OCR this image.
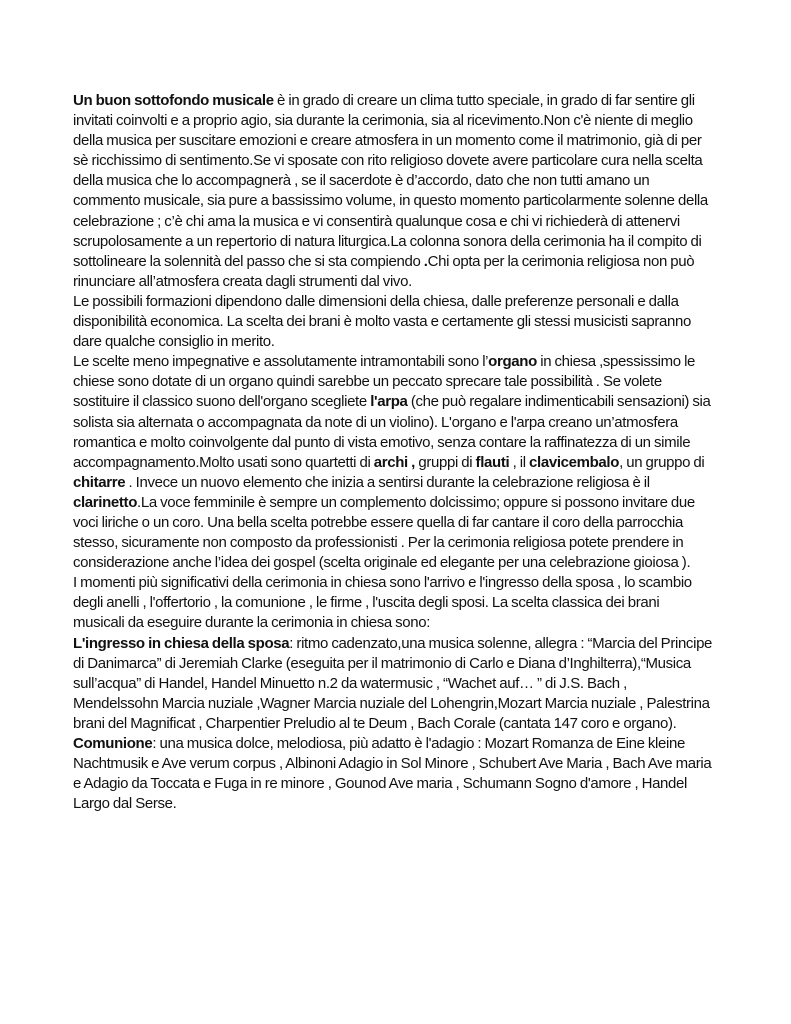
Un buon sottofondo musicale è in grado di creare un clima tutto speciale, in grado di far sentire gli invitati coinvolti e a proprio agio, sia durante la cerimonia, sia al ricevimento.Non c'è niente di meglio della musica per suscitare emozioni e creare atmosfera in un momento come il matrimonio, già di per sè ricchissimo di sentimento.Se vi sposate con rito religioso dovete avere particolare cura nella scelta della musica che lo accompagnerà , se il sacerdote è d’accordo, dato che non tutti amano un commento musicale, sia pure a bassissimo volume, in questo momento particolarmente solenne della celebrazione ; c’è chi ama la musica e vi consentirà qualunque cosa e chi vi richiederà di attenervi scrupolosamente a un repertorio di natura liturgica.La colonna sonora della cerimonia ha il compito di sottolineare la solennità del passo che si sta compiendo .Chi opta per la cerimonia religiosa non può rinunciare all’atmosfera creata dagli strumenti dal vivo.

Le possibili formazioni dipendono dalle dimensioni della chiesa, dalle preferenze personali e dalla disponibilità economica. La scelta dei brani è molto vasta e certamente gli stessi musicisti sapranno dare qualche consiglio in merito.

Le scelte meno impegnative e assolutamente intramontabili sono l’organo in chiesa ,spessissimo le chiese sono dotate di un organo quindi sarebbe un peccato sprecare tale possibilità . Se volete sostituire il classico suono dell'organo scegliete l'arpa (che può regalare indimenticabili sensazioni) sia solista sia alternata o accompagnata da note di un violino). L'organo e l'arpa creano un’atmosfera romantica e molto coinvolgente dal punto di vista emotivo, senza contare la raffinatezza di un simile accompagnamento.Molto usati sono quartetti di archi , gruppi di flauti , il clavicembalo, un gruppo di chitarre . Invece un nuovo elemento che inizia a sentirsi durante la celebrazione religiosa è il clarinetto.La voce femminile è sempre un complemento dolcissimo; oppure si possono invitare due voci liriche o un coro. Una bella scelta potrebbe essere quella di far cantare il coro della parrocchia stesso, sicuramente non composto da professionisti . Per la cerimonia religiosa potete prendere in considerazione anche l’idea dei gospel (scelta originale ed elegante per una celebrazione gioiosa ).

I momenti più significativi della cerimonia in chiesa sono l'arrivo e l'ingresso della sposa , lo scambio degli anelli , l'offertorio , la comunione , le firme , l'uscita degli sposi. La scelta classica dei brani musicali da eseguire durante la cerimonia in chiesa sono:

L'ingresso in chiesa della sposa: ritmo cadenzato,una musica solenne, allegra : “Marcia del Principe di Danimarca” di Jeremiah Clarke (eseguita per il matrimonio di Carlo e Diana d’Inghilterra),“Musica sull’acqua” di Handel, Handel Minuetto n.2 da watermusic , “Wachet auf… ” di J.S. Bach , Mendelssohn Marcia nuziale ,Wagner Marcia nuziale del Lohengrin,Mozart Marcia nuziale , Palestrina brani del Magnificat , Charpentier Preludio al te Deum , Bach Corale (cantata 147 coro e organo).

Comunione: una musica dolce, melodiosa, più adatto è l'adagio : Mozart Romanza de Eine kleine Nachtmusik e Ave verum corpus , Albinoni Adagio in Sol Minore , Schubert Ave Maria , Bach Ave maria e Adagio da Toccata e Fuga in re minore , Gounod Ave maria , Schumann Sogno d'amore , Handel Largo dal Serse.
